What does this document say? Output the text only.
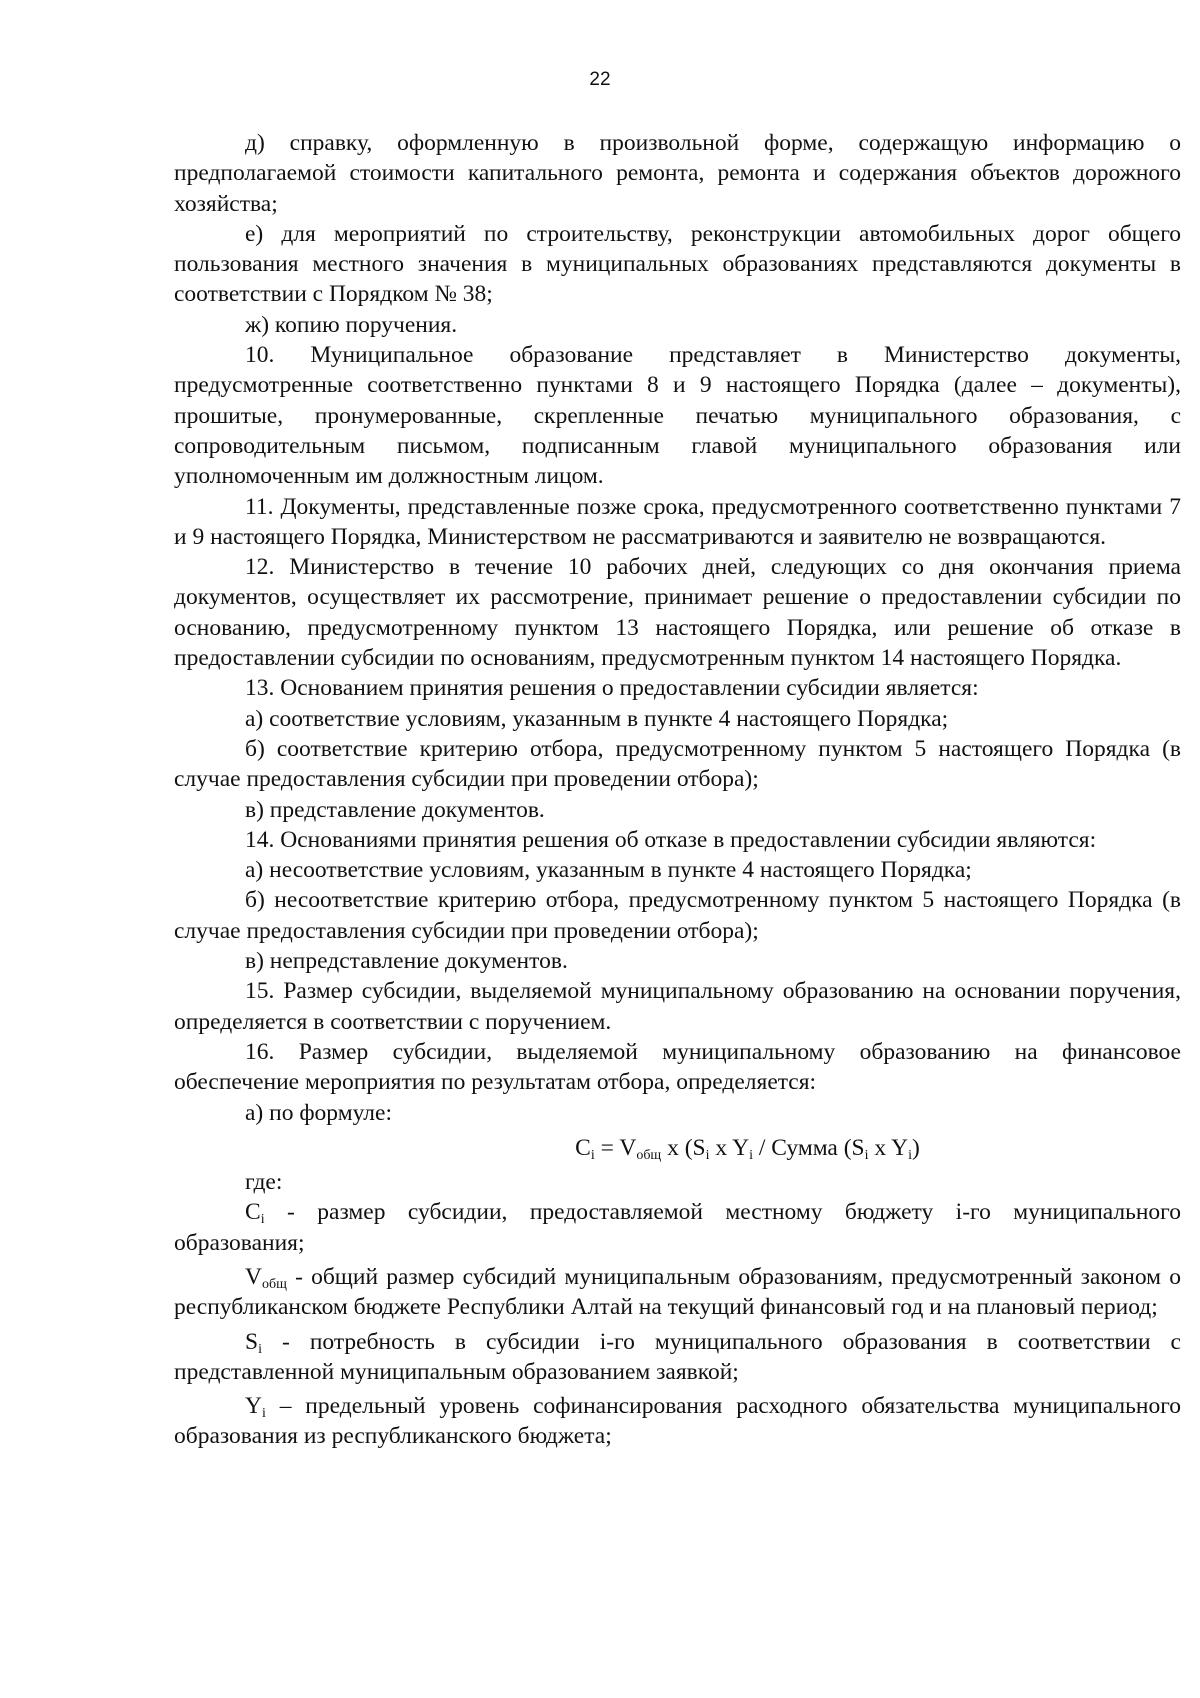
22

д) справку, оформленную в произвольной форме, содержащую информацию о предполагаемой стоимости капитального ремонта, ремонта и содержания объектов дорожного хозяйства;

е) для мероприятий по строительству, реконструкции автомобильных дорог общего пользования местного значения в муниципальных образованиях представляются документы в соответствии с Порядком № 38;

ж) копию поручения.

10. Муниципальное образование представляет в Министерство документы, предусмотренные соответственно пунктами 8 и 9 настоящего Порядка (далее – документы), прошитые, пронумерованные, скрепленные печатью муниципального образования, с сопроводительным письмом, подписанным главой муниципального образования или уполномоченным им должностным лицом.

11. Документы, представленные позже срока, предусмотренного соответственно пунктами 7 и 9 настоящего Порядка, Министерством не рассматриваются и заявителю не возвращаются.

12. Министерство в течение 10 рабочих дней, следующих со дня окончания приема документов, осуществляет их рассмотрение, принимает решение о предоставлении субсидии по основанию, предусмотренному пунктом 13 настоящего Порядка, или решение об отказе в предоставлении субсидии по основаниям, предусмотренным пунктом 14 настоящего Порядка.

13. Основанием принятия решения о предоставлении субсидии является:

а) соответствие условиям, указанным в пункте 4 настоящего Порядка;

б) соответствие критерию отбора, предусмотренному пунктом 5 настоящего Порядка (в случае предоставления субсидии при проведении отбора);

в) представление документов.

14. Основаниями принятия решения об отказе в предоставлении субсидии являются:

а) несоответствие условиям, указанным в пункте 4 настоящего Порядка;

б) несоответствие критерию отбора, предусмотренному пунктом 5 настоящего Порядка (в случае предоставления субсидии при проведении отбора);

в) непредставление документов.

15. Размер субсидии, выделяемой муниципальному образованию на основании поручения, определяется в соответствии с поручением.

16. Размер субсидии, выделяемой муниципальному образованию на финансовое обеспечение мероприятия по результатам отбора, определяется:

а) по формуле:

$C_i = V_{общ}$ x ($S_i$ x $Y_i$ / Сумма ($S_i$ x $Y_i$)

где:

$C_i$ - размер субсидии, предоставляемой местному бюджету i-го муниципального образования;

$V_{общ}$ - общий размер субсидий муниципальным образованиям, предусмотренный законом о республиканском бюджете Республики Алтай на текущий финансовый год и на плановый период;

$S_i$ - потребность в субсидии i-го муниципального образования в соответствии с представленной муниципальным образованием заявкой;

$Y_i$ – предельный уровень софинансирования расходного обязательства муниципального образования из республиканского бюджета;
